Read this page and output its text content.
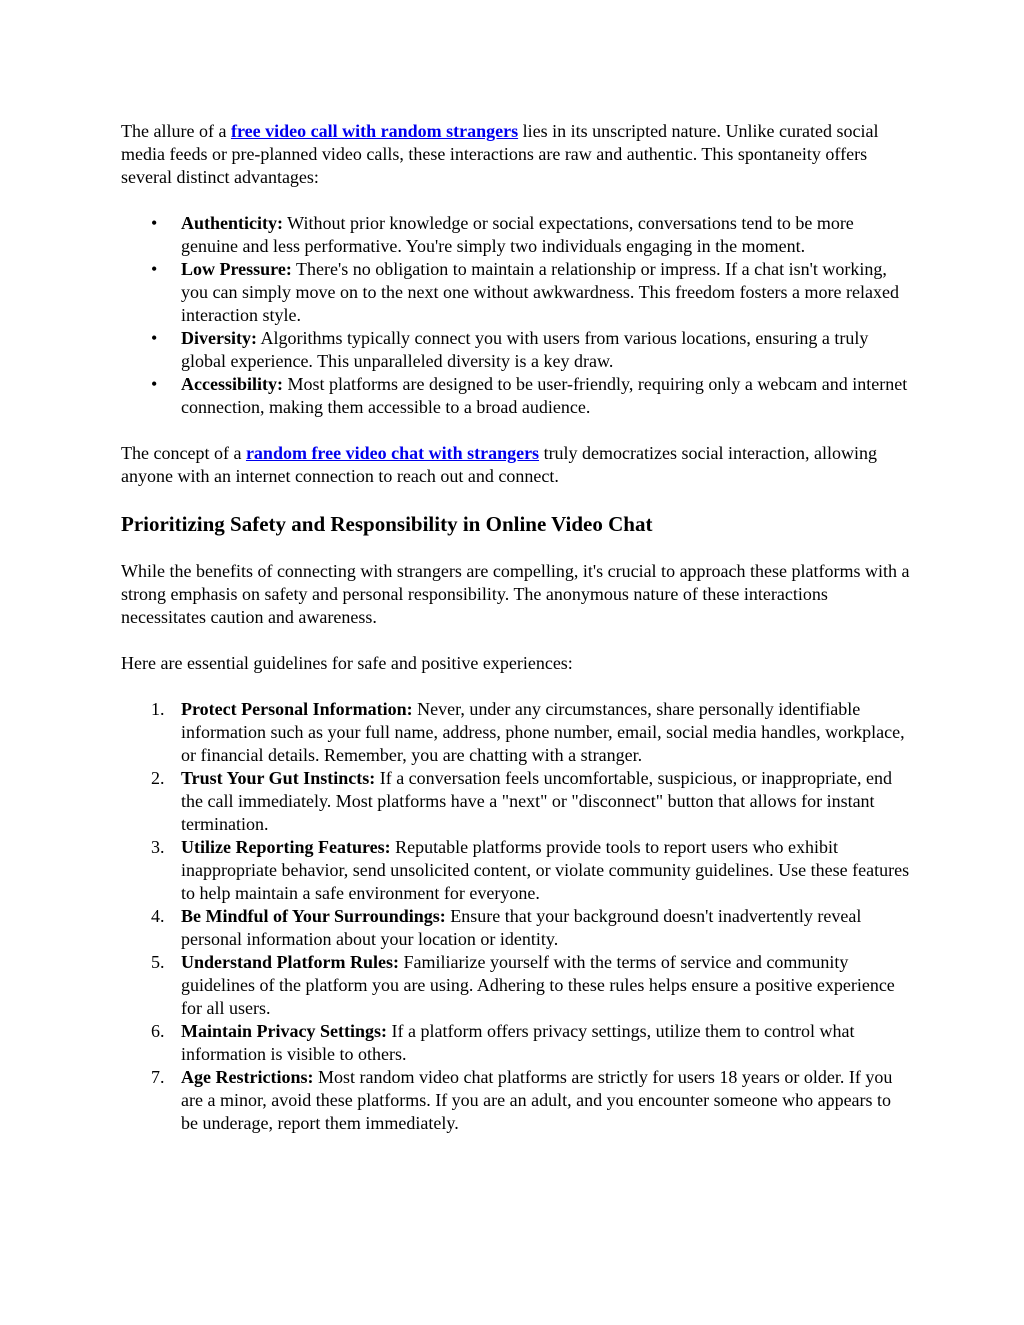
The allure of a free video call with random strangers lies in its unscripted nature. Unlike curated social media feeds or pre-planned video calls, these interactions are raw and authentic. This spontaneity offers several distinct advantages:

•	Authenticity: Without prior knowledge or social expectations, conversations tend to be more genuine and less performative. You're simply two individuals engaging in the moment.
•	Low Pressure: There's no obligation to maintain a relationship or impress. If a chat isn't working, you can simply move on to the next one without awkwardness. This freedom fosters a more relaxed interaction style.
•	Diversity: Algorithms typically connect you with users from various locations, ensuring a truly global experience. This unparalleled diversity is a key draw.
•	Accessibility: Most platforms are designed to be user-friendly, requiring only a webcam and internet connection, making them accessible to a broad audience.

The concept of a random free video chat with strangers truly democratizes social interaction, allowing anyone with an internet connection to reach out and connect.

Prioritizing Safety and Responsibility in Online Video Chat

While the benefits of connecting with strangers are compelling, it's crucial to approach these platforms with a strong emphasis on safety and personal responsibility. The anonymous nature of these interactions necessitates caution and awareness.

Here are essential guidelines for safe and positive experiences:

1. Protect Personal Information: Never, under any circumstances, share personally identifiable information such as your full name, address, phone number, email, social media handles, workplace, or financial details. Remember, you are chatting with a stranger.
2. Trust Your Gut Instincts: If a conversation feels uncomfortable, suspicious, or inappropriate, end the call immediately. Most platforms have a "next" or "disconnect" button that allows for instant termination.
3. Utilize Reporting Features: Reputable platforms provide tools to report users who exhibit inappropriate behavior, send unsolicited content, or violate community guidelines. Use these features to help maintain a safe environment for everyone.
4. Be Mindful of Your Surroundings: Ensure that your background doesn't inadvertently reveal personal information about your location or identity.
5. Understand Platform Rules: Familiarize yourself with the terms of service and community guidelines of the platform you are using. Adhering to these rules helps ensure a positive experience for all users.
6. Maintain Privacy Settings: If a platform offers privacy settings, utilize them to control what information is visible to others.
7. Age Restrictions: Most random video chat platforms are strictly for users 18 years or older. If you are a minor, avoid these platforms. If you are an adult, and you encounter someone who appears to be underage, report them immediately.
